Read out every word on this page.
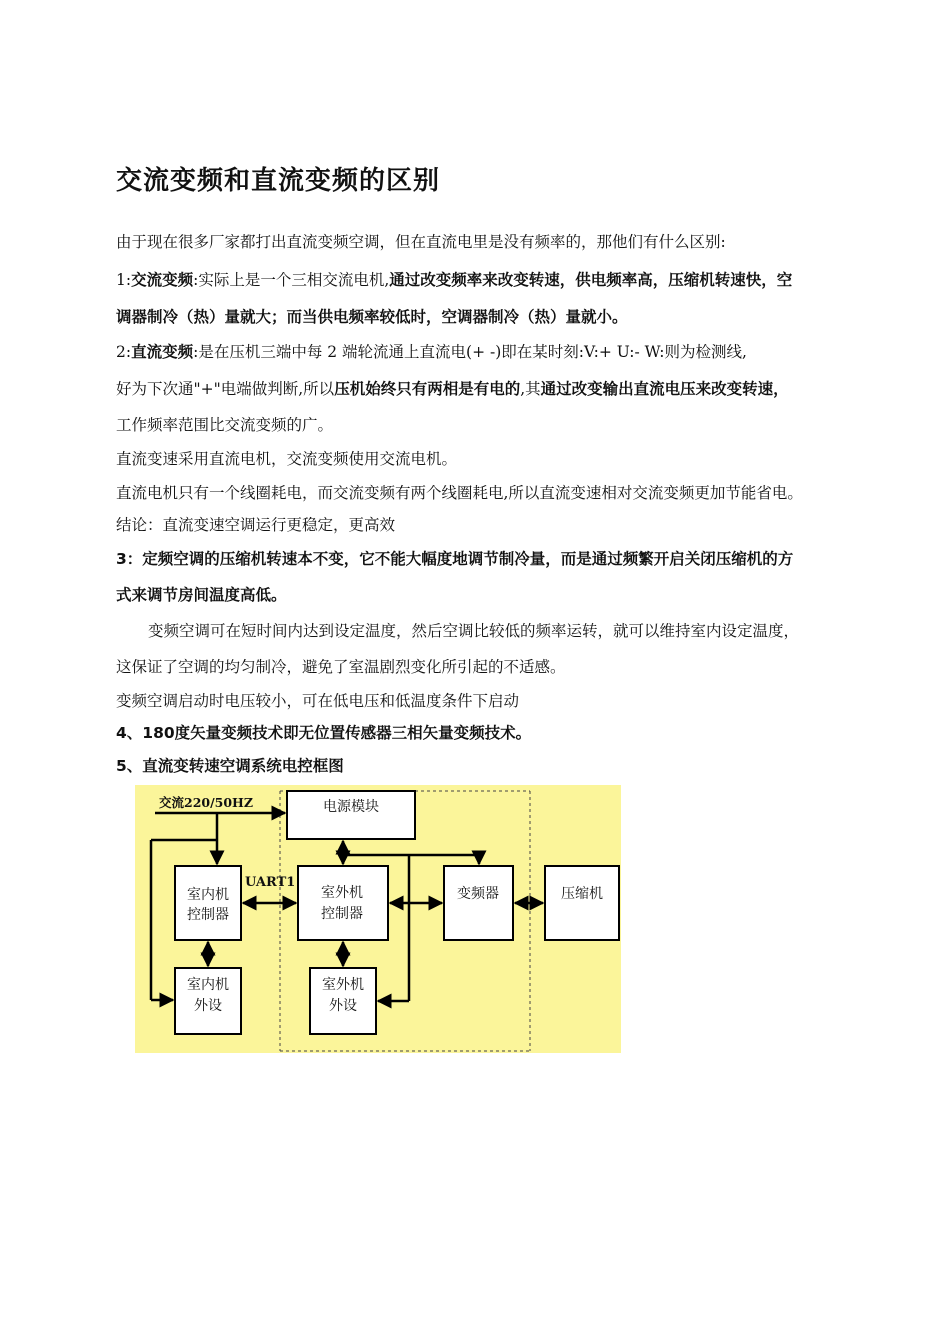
交流变频和直流变频的区别
由于现在很多厂家都打出直流变频空调，但在直流电里是没有频率的，那他们有什么区别:
1:交流变频:实际上是一个三相交流电机,通过改变频率来改变转速，供电频率高，压缩机转速快，空
调器制冷（热）量就大；而当供电频率较低时，空调器制冷（热）量就小。
2:直流变频:是在压机三端中每 2 端轮流通上直流电(+ -)即在某时刻:V:+ U:- W:则为检测线,
好为下次通"+"电端做判断,所以压机始终只有两相是有电的,其通过改变输出直流电压来改变转速，
工作频率范围比交流变频的广。
直流变速采用直流电机，交流变频使用交流电机。
直流电机只有一个线圈耗电，而交流变频有两个线圈耗电,所以直流变速相对交流变频更加节能省电。
结论：直流变速空调运行更稳定，更高效
3：定频空调的压缩机转速本不变，它不能大幅度地调节制冷量，而是通过频繁开启关闭压缩机的方
式来调节房间温度高低。
变频空调可在短时间内达到设定温度，然后空调比较低的频率运转，就可以维持室内设定温度，
这保证了空调的均匀制冷，避免了室温剧烈变化所引起的不适感。
变频空调启动时电压较小，可在低电压和低温度条件下启动
4、180度矢量变频技术即无位置传感器三相矢量变频技术。
5、直流变转速空调系统电控框图
交流220/50HZ
UART1
电源模块
室内机
控制器
室外机
控制器
变频器	压缩机
室内机
外设
室外机
外设
